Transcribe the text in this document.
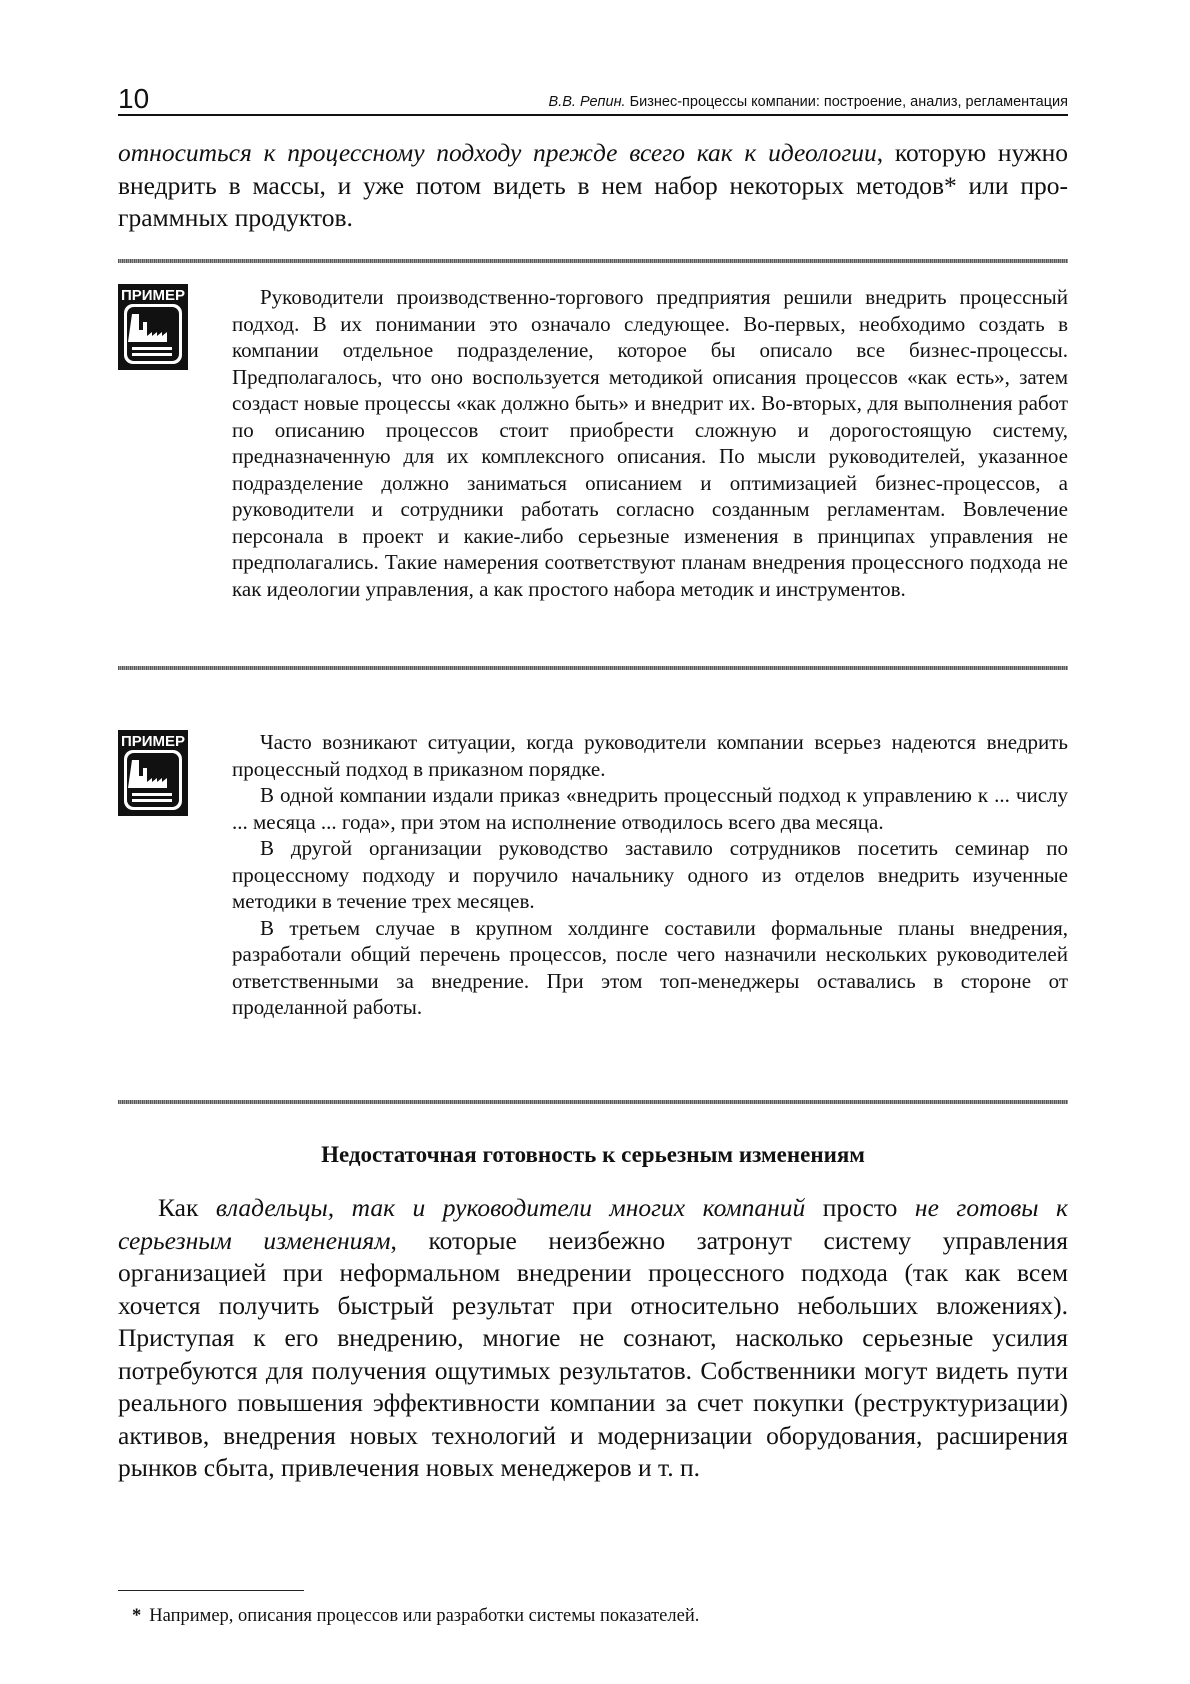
10	В.В. Репин. Бизнес-процессы компании: построение, анализ, регламентация
относиться к процессному подходу прежде всего как к идеологии, которую нужно
внедрить в массы, и уже потом видеть в нем набор некоторых методов* или про-
граммных продуктов.
ПРИМЕР	Руководители производственно-торгового предприятия решили внедрить процессный подход. В их понимании это означало следующее. Во-первых, необходимо создать в компании отдельное подразделение, которое бы описало все бизнес-процессы. Предполагалось, что оно воспользуется методикой описания процессов «как есть», затем создаст новые процессы «как должно быть» и внедрит их. Во-вторых, для выполнения работ по описанию процессов стоит приобрести сложную и дорогостоящую систему, предназначенную для их комплексного описания. По мысли руководителей, указанное подразделение должно заниматься описанием и оптимизацией бизнес-процессов, а руководители и сотрудники работать согласно созданным регламентам. Вовлечение персонала в проект и какие-либо серьезные изменения в принципах управления не предполагались. Такие намерения соответствуют планам внедрения процессного подхода не как идеологии управления, а как простого набора методик и инструментов.

ПРИМЕР	Часто возникают ситуации, когда руководители компании всерьез надеются внедрить процессный подход в приказном порядке.

В одной компании издали приказ «внедрить процессный подход к управлению к ... числу ... месяца ... года», при этом на исполнение отводилось всего два месяца.

В другой организации руководство заставило сотрудников посетить семинар по процессному подходу и поручило начальнику одного из отделов внедрить изученные методики в течение трех месяцев.

В третьем случае в крупном холдинге составили формальные планы внедрения, разработали общий перечень процессов, после чего назначили нескольких руководителей ответственными за внедрение. При этом топ-менеджеры оставались в стороне от проделанной работы.

Недостаточная готовность к серьезным изменениям

Как владельцы, так и руководители многих компаний просто не готовы к серьезным изменениям, которые неизбежно затронут систему управления организацией при неформальном внедрении процессного подхода (так как всем хочется получить быстрый результат при относительно небольших вложениях). Приступая к его внедрению, многие не сознают, насколько серьезные усилия потребуются для получения ощутимых результатов. Собственники могут видеть пути реального повышения эффективности компании за счет покупки (реструктуризации) активов, внедрения новых технологий и модернизации оборудования, расширения рынков сбыта, привлечения новых менеджеров и т. п.

* Например, описания процессов или разработки системы показателей.
